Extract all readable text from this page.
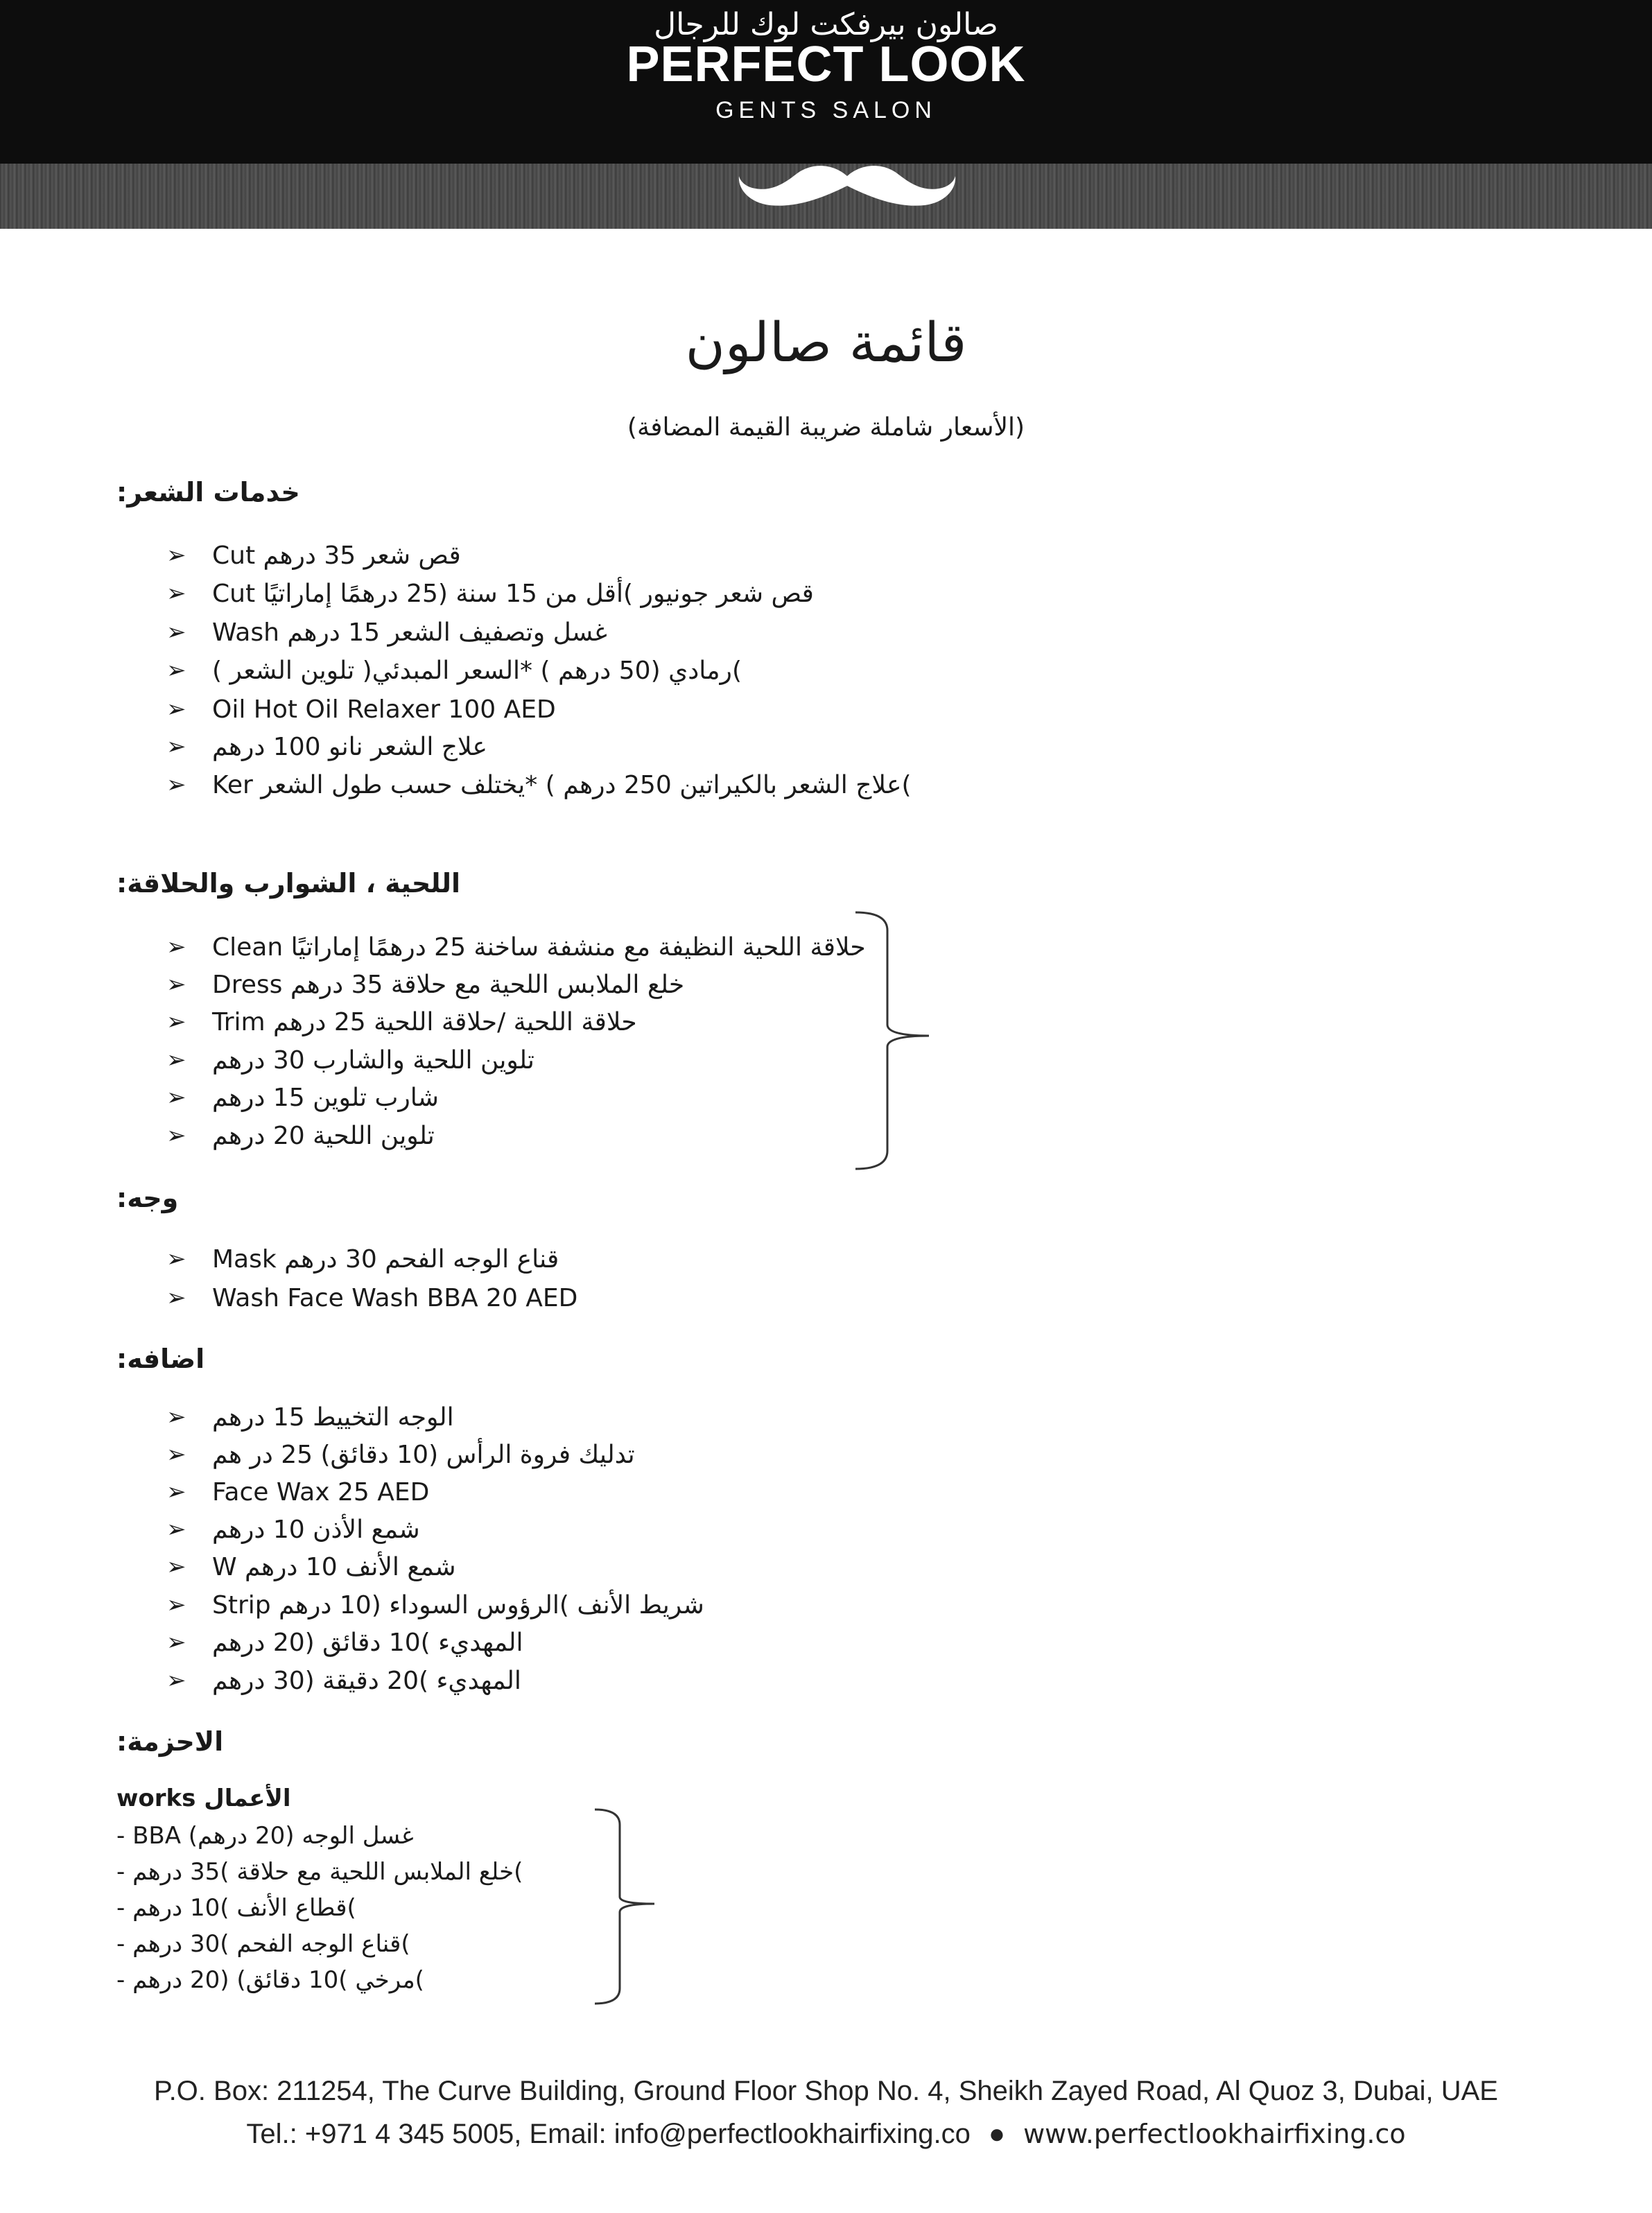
صالون بيرفكت لوك للرجال
PERFECT LOOK
GENTS SALON
قائمة صالون
(الأسعار شاملة ضريبة القيمة المضافة)
:خدمات الشعر
➢	Cut قص شعر 35 درهم
➢	Cut قص شعر جونيور )أقل من 15 سنة (25 درهمًا إماراتيًا
➢	Wash غسل وتصفيف الشعر 15 درهم
➢	( تلوين الشعر )رمادي (50 درهم ) *السعر المبدئي(
➢	Oil Hot Oil Relaxer 100 AED
➢	علاج الشعر نانو 100 درهم
➢	Ker علاج الشعر بالكيراتين 250 درهم ) *يختلف حسب طول الشعر(
:اللحية ، الشوارب والحلاقة
➢	Clean حلاقة اللحية النظيفة مع منشفة ساخنة 25 درهمًا إماراتيًا
➢	Dress خلع الملابس اللحية مع حلاقة 35 درهم
➢	Trim حلاقة اللحية /حلاقة اللحية 25 درهم
➢	تلوين اللحية والشارب 30 درهم
➢	شارب تلوين 15 درهم
➢	تلوين اللحية 20 درهم
:وجه
➢	Mask قناع الوجه الفحم 30 درهم
➢	Wash Face Wash BBA 20 AED
:اضافه
➢	الوجه التخييط 15 درهم
➢	تدليك فروة الرأس (10 دقائق) 25 در هم
➢	Face Wax 25 AED
➢	شمع الأذن 10 درهم
➢	W شمع الأنف 10 درهم
➢	Strip شريط الأنف )الرؤوس السوداء (10 درهم
➢	المهديء )10 دقائق (20 درهم
➢	المهديء )20 دقيقة (30 درهم
:الاحزمة
works الأعمال
- BBA غسل الوجه (20 درهم)
- خلع الملابس اللحية مع حلاقة )35 درهم(
- قطاع الأنف )10 درهم(
- قناع الوجه الفحم )30 درهم(
- مرخي )10 دقائق) (20 درهم(
P.O. Box: 211254, The Curve Building, Ground Floor Shop No. 4, Sheikh Zayed Road, Al Quoz 3, Dubai, UAE
Tel.: +971 4 345 5005, Email: info@perfectlookhairfixing.co ● www.perfectlookhairfixing.co
